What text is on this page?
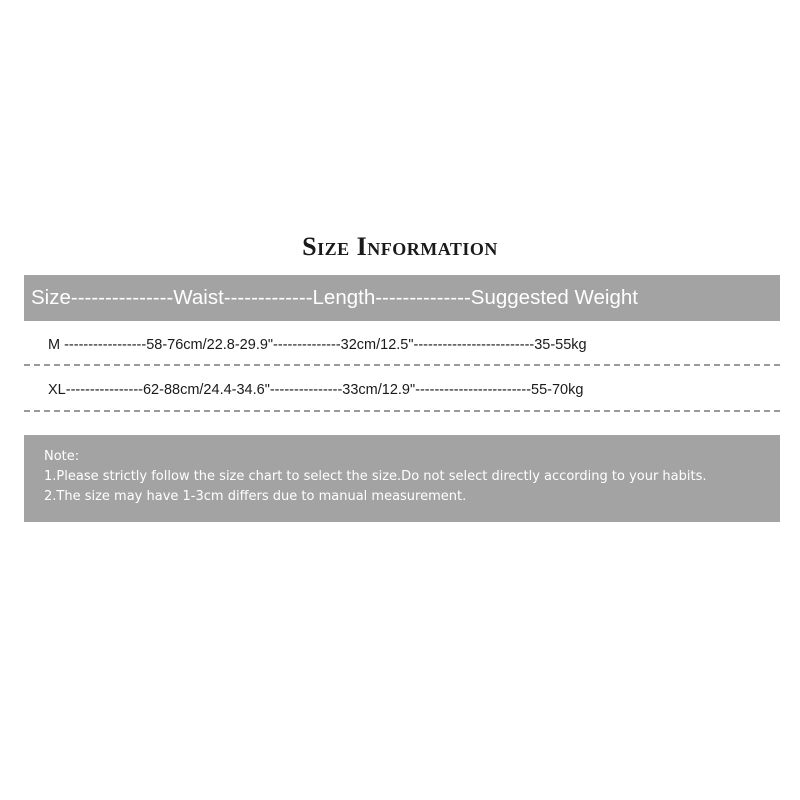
Size Information
Size---------------Waist-------------Length--------------Suggested Weight
M -----------------58-76cm/22.8-29.9"--------------32cm/12.5"-------------------------35-55kg
XL----------------62-88cm/24.4-34.6"---------------33cm/12.9"------------------------55-70kg
Note:
1.Please strictly follow the size chart to select the size.Do not select directly according to your habits.
2.The size may have 1-3cm differs due to manual measurement.
